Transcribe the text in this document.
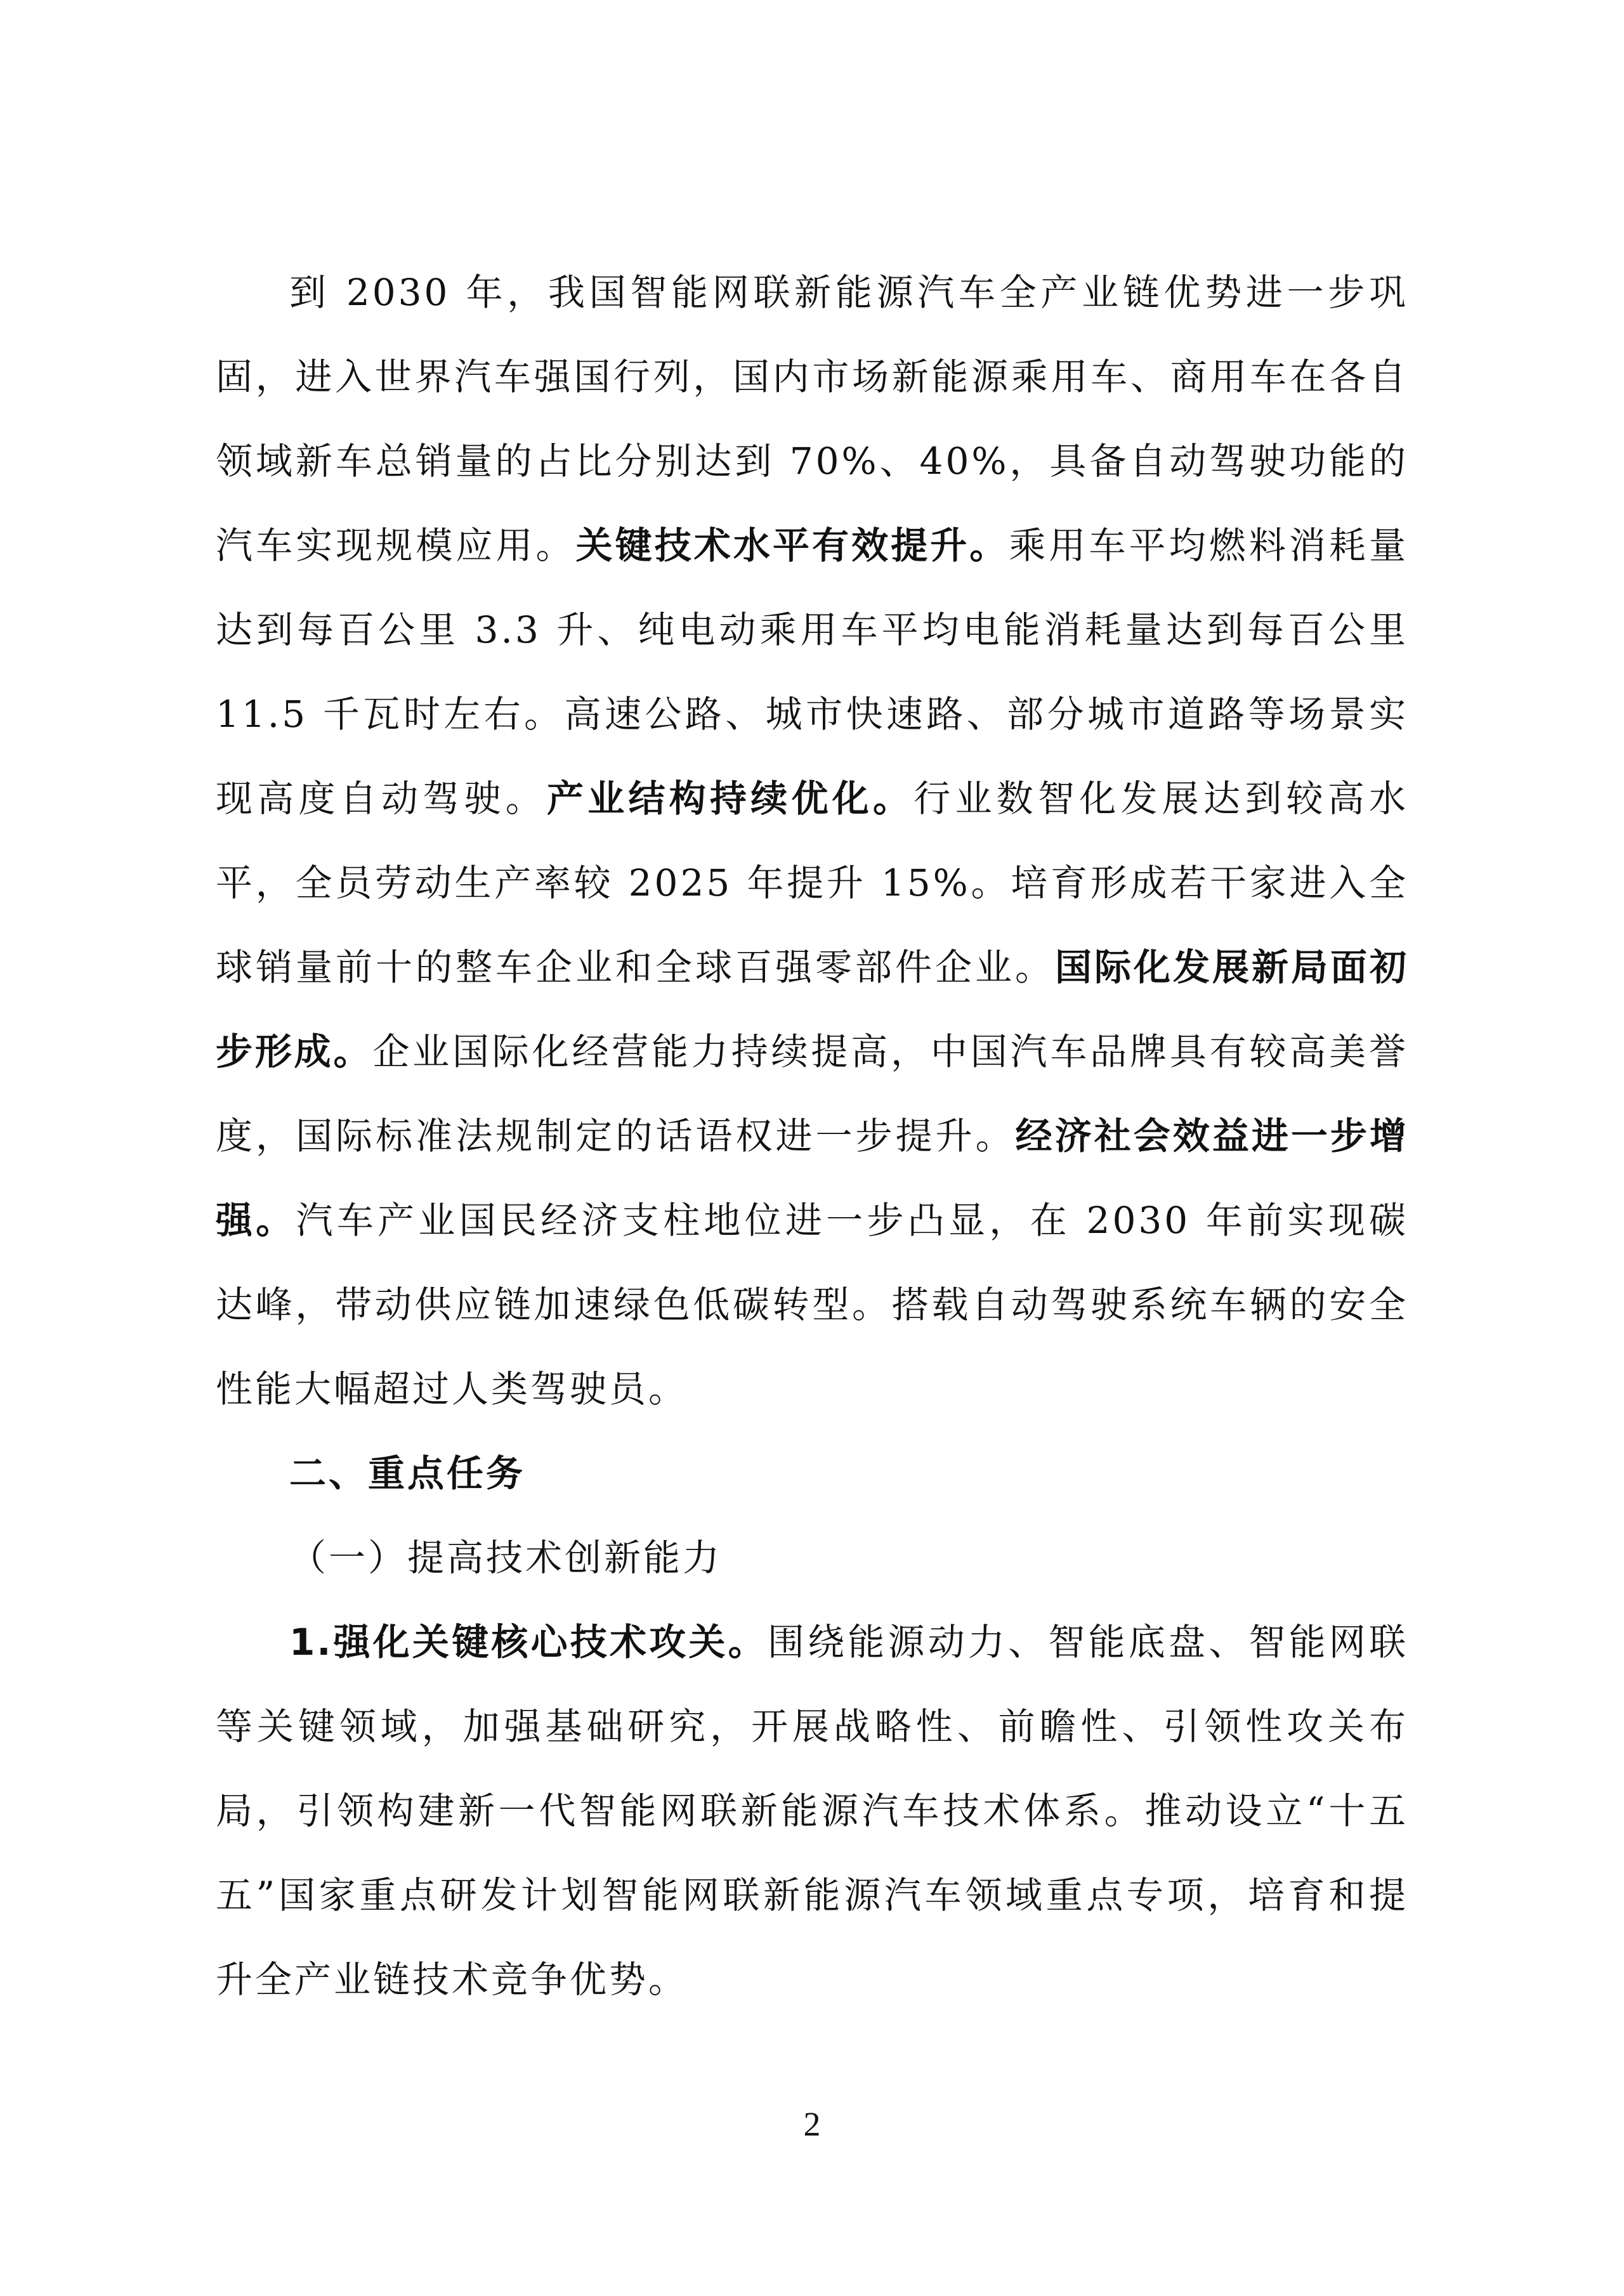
到 2030 年，我国智能网联新能源汽车全产业链优势进一步巩固，进入世界汽车强国行列，国内市场新能源乘用车、商用车在各自领域新车总销量的占比分别达到 70%、40%，具备自动驾驶功能的汽车实现规模应用。关键技术水平有效提升。乘用车平均燃料消耗量达到每百公里 3.3 升、纯电动乘用车平均电能消耗量达到每百公里 11.5 千瓦时左右。高速公路、城市快速路、部分城市道路等场景实现高度自动驾驶。产业结构持续优化。行业数智化发展达到较高水平，全员劳动生产率较 2025 年提升 15%。培育形成若干家进入全球销量前十的整车企业和全球百强零部件企业。国际化发展新局面初步形成。企业国际化经营能力持续提高，中国汽车品牌具有较高美誉度，国际标准法规制定的话语权进一步提升。经济社会效益进一步增强。汽车产业国民经济支柱地位进一步凸显，在 2030 年前实现碳达峰，带动供应链加速绿色低碳转型。搭载自动驾驶系统车辆的安全性能大幅超过人类驾驶员。

二、重点任务

（一）提高技术创新能力

1.强化关键核心技术攻关。围绕能源动力、智能底盘、智能网联等关键领域，加强基础研究，开展战略性、前瞻性、引领性攻关布局，引领构建新一代智能网联新能源汽车技术体系。推动设立“十五五”国家重点研发计划智能网联新能源汽车领域重点专项，培育和提升全产业链技术竞争优势。

2
